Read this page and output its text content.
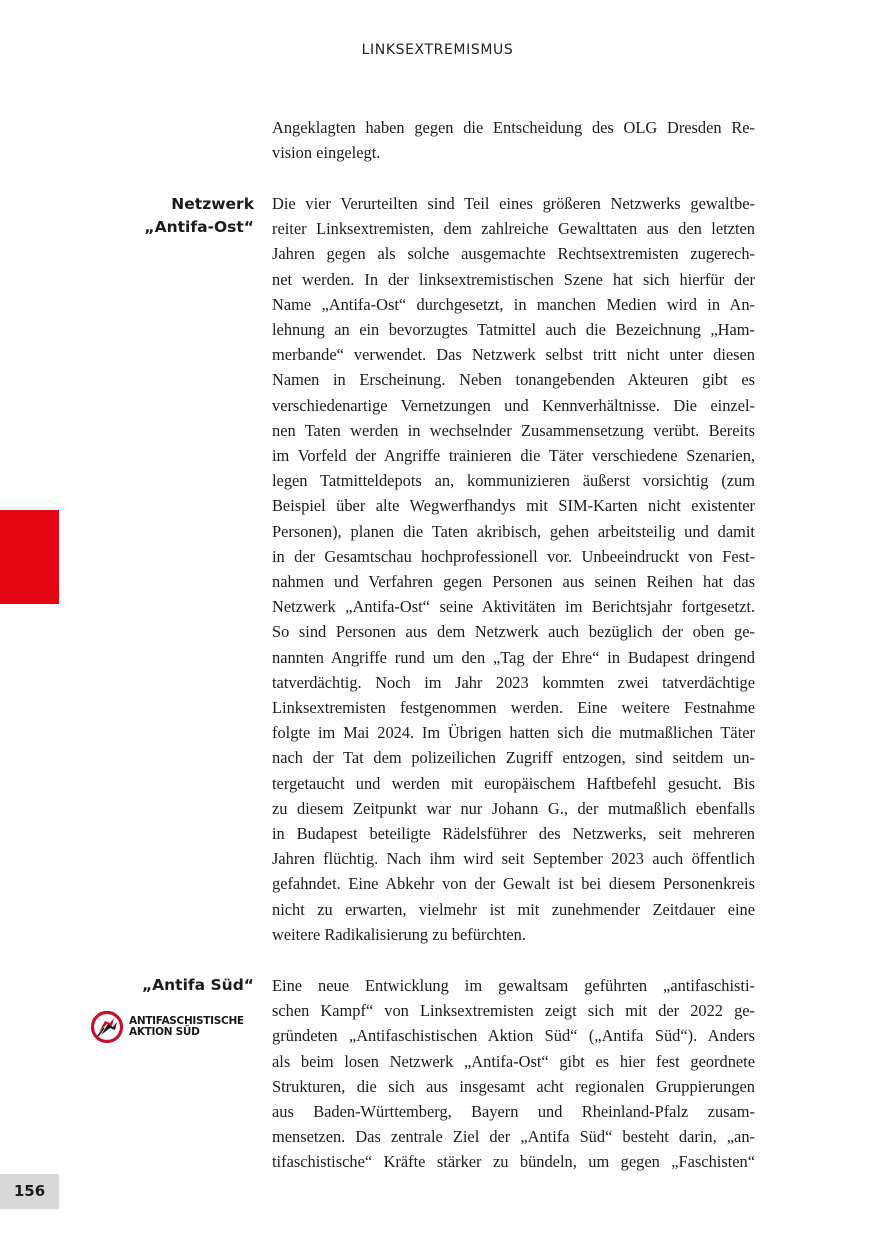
LINKSEXTREMISMUS
156
Angeklagten haben gegen die Entscheidung des OLG Dresden Re-
vision eingelegt.
Netzwerk
„Antifa-Ost“
Die vier Verurteilten sind Teil eines größeren Netzwerks gewaltbe-
reiter Linksextremisten, dem zahlreiche Gewalttaten aus den letzten
Jahren gegen als solche ausgemachte Rechtsextremisten zugerech-
net werden. In der linksextremistischen Szene hat sich hierfür der
Name „Antifa-Ost“ durchgesetzt, in manchen Medien wird in An-
lehnung an ein bevorzugtes Tatmittel auch die Bezeichnung „Ham-
merbande“ verwendet. Das Netzwerk selbst tritt nicht unter diesen
Namen in Erscheinung. Neben tonangebenden Akteuren gibt es
verschiedenartige Vernetzungen und Kennverhältnisse. Die einzel-
nen Taten werden in wechselnder Zusammensetzung verübt. Bereits
im Vorfeld der Angriffe trainieren die Täter verschiedene Szenarien,
legen Tatmitteldepots an, kommunizieren äußerst vorsichtig (zum
Beispiel über alte Wegwerfhandys mit SIM-Karten nicht existenter
Personen), planen die Taten akribisch, gehen arbeitsteilig und damit
in der Gesamtschau hochprofessionell vor. Unbeeindruckt von Fest-
nahmen und Verfahren gegen Personen aus seinen Reihen hat das
Netzwerk „Antifa-Ost“ seine Aktivitäten im Berichtsjahr fortgesetzt.
So sind Personen aus dem Netzwerk auch bezüglich der oben ge-
nannten Angriffe rund um den „Tag der Ehre“ in Budapest dringend
tatverdächtig. Noch im Jahr 2023 kommten zwei tatverdächtige
Linksextremisten festgenommen werden. Eine weitere Festnahme
folgte im Mai 2024. Im Übrigen hatten sich die mutmaßlichen Täter
nach der Tat dem polizeilichen Zugriff entzogen, sind seitdem un-
tergetaucht und werden mit europäischem Haftbefehl gesucht. Bis
zu diesem Zeitpunkt war nur Johann G., der mutmaßlich ebenfalls
in Budapest beteiligte Rädelsführer des Netzwerks, seit mehreren
Jahren flüchtig. Nach ihm wird seit September 2023 auch öffentlich
gefahndet. Eine Abkehr von der Gewalt ist bei diesem Personenkreis
nicht zu erwarten, vielmehr ist mit zunehmender Zeitdauer eine
weitere Radikalisierung zu befürchten.
„Antifa Süd“
ANTIFASCHISTISCHE
AKTION SÜD
Eine neue Entwicklung im gewaltsam geführten „antifaschisti-
schen Kampf“ von Linksextremisten zeigt sich mit der 2022 ge-
gründeten „Antifaschistischen Aktion Süd“ („Antifa Süd“). Anders
als beim losen Netzwerk „Antifa-Ost“ gibt es hier fest geordnete
Strukturen, die sich aus insgesamt acht regionalen Gruppierungen
aus Baden-Württemberg, Bayern und Rheinland-Pfalz zusam-
mensetzen. Das zentrale Ziel der „Antifa Süd“ besteht darin, „an-
tifaschistische“ Kräfte stärker zu bündeln, um gegen „Faschisten“
